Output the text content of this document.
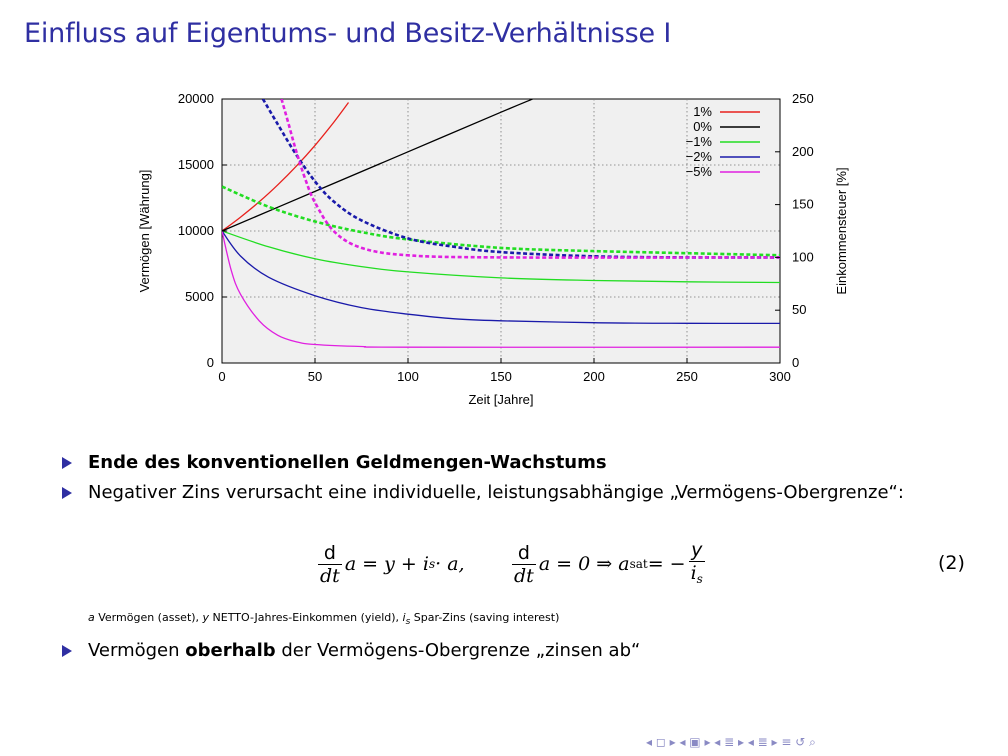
Einfluss auf Eigentums- und Besitz-Verhältnisse I
0	50	100	150	200	250	300
0
5000
10000
15000
20000
0
50
100
150
200
250
1%
0%
−1%
−2%
−5%
Zeit [Jahre]
Vermögen [Währung]	Einkommensteuer [%]
Ende des konventionellen Geldmengen-Wachstums
Negativer Zins verursacht eine individuelle, leistungsabhängige „Vermögens-Obergrenze“:
$\frac{d}{dt}$ a = y + i s · a, $\frac{d}{dt}$ a = 0 ⇒ a sat = − $\frac{y}{i_s}$	(2)
a Vermögen (asset), y NETTO-Jahres-Einkommen (yield), $i_s$ Spar-Zins (saving interest)
Vermögen oberhalb der Vermögens-Obergrenze „zinsen ab“
◂ ◻ ▸ ◂ ▣ ▸ ◂ ≣ ▸ ◂ ≣ ▸ ≡ ↺ ⌕
